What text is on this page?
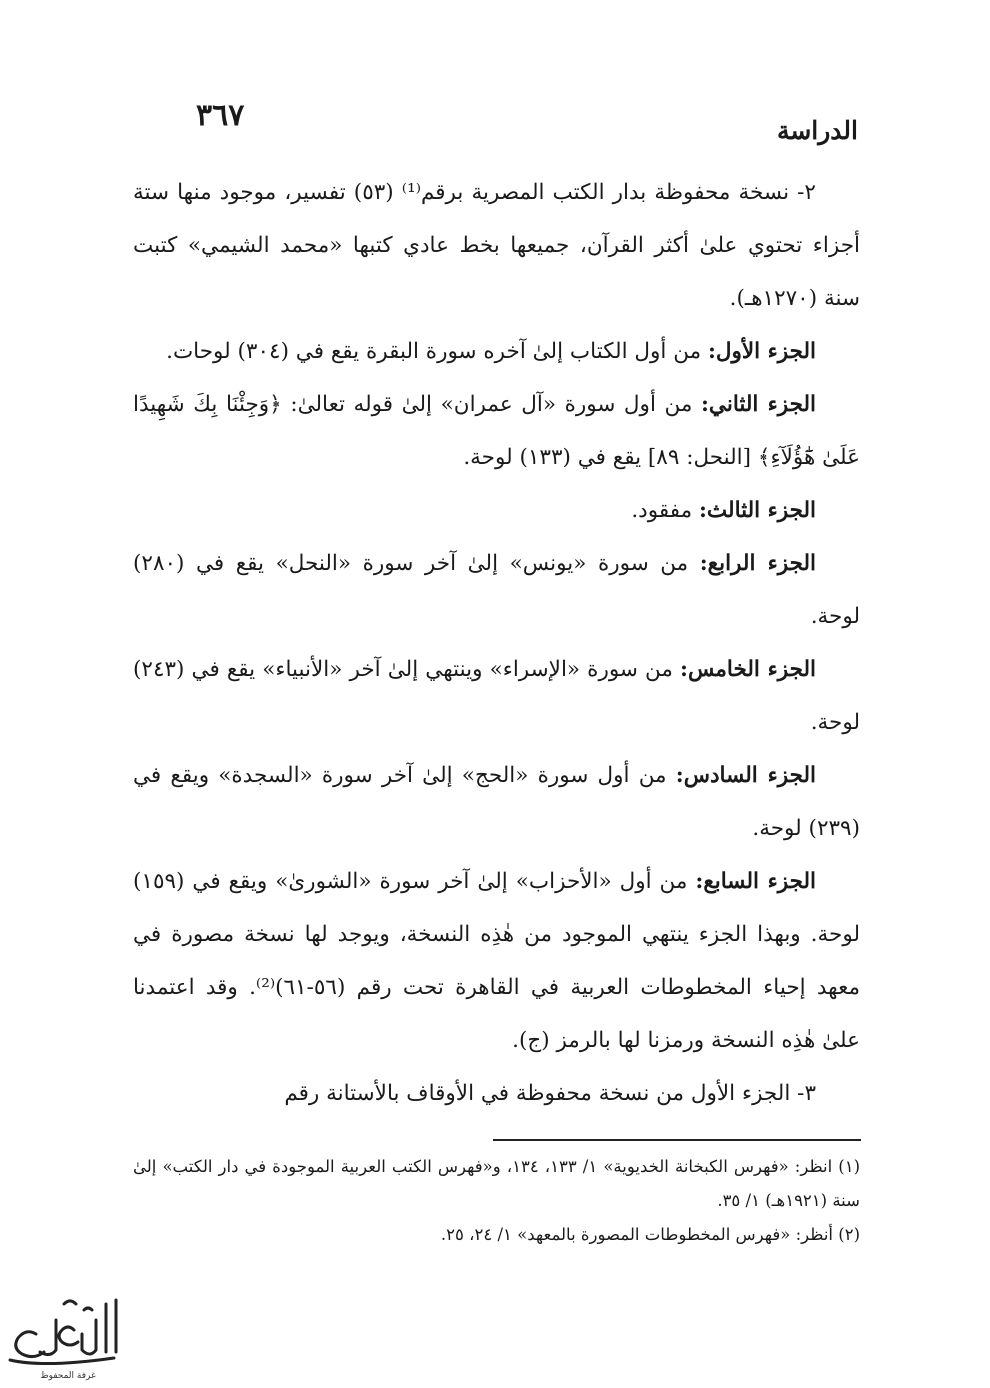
٣٦٧	الدراسة

٢- نسخة محفوظة بدار الكتب المصرية برقم⁽¹⁾ (٥٣) تفسير، موجود منها ستة أجزاء تحتوي علىٰ أكثر القرآن، جميعها بخط عادي كتبها «محمد الشيمي» كتبت سنة (١٢٧٠هـ).

الجزء الأول: من أول الكتاب إلىٰ آخره سورة البقرة يقع في (٣٠٤) لوحات.

الجزء الثاني: من أول سورة «آل عمران» إلىٰ قوله تعالىٰ: ﴿وَجِئْنَا بِكَ شَهِيدًا عَلَىٰ هَٰٓؤُلَآءِ﴾ [النحل: ٨٩] يقع في (١٣٣) لوحة.

الجزء الثالث: مفقود.

الجزء الرابع: من سورة «يونس» إلىٰ آخر سورة «النحل» يقع في (٢٨٠) لوحة.

الجزء الخامس: من سورة «الإسراء» وينتهي إلىٰ آخر «الأنبياء» يقع في (٢٤٣) لوحة.

الجزء السادس: من أول سورة «الحج» إلىٰ آخر سورة «السجدة» ويقع في (٢٣٩) لوحة.

الجزء السابع: من أول «الأحزاب» إلىٰ آخر سورة «الشورىٰ» ويقع في (١٥٩) لوحة. وبهذا الجزء ينتهي الموجود من هٰذِه النسخة، ويوجد لها نسخة مصورة في معهد إحياء المخطوطات العربية في القاهرة تحت رقم (٥٦-٦١)⁽²⁾. وقد اعتمدنا علىٰ هٰذِه النسخة ورمزنا لها بالرمز (ج).

٣- الجزء الأول من نسخة محفوظة في الأوقاف بالأستانة رقم

(١) انظر: «فهرس الكبخانة الخديوية» ١/ ١٣٣، ١٣٤، و«فهرس الكتب العربية الموجودة في دار الكتب» إلىٰ سنة (١٩٢١هـ) ١/ ٣٥.

(٢) أنظر: «فهرس المخطوطات المصورة بالمعهد» ١/ ٢٤، ٢٥.

غرفة المحفوظ
